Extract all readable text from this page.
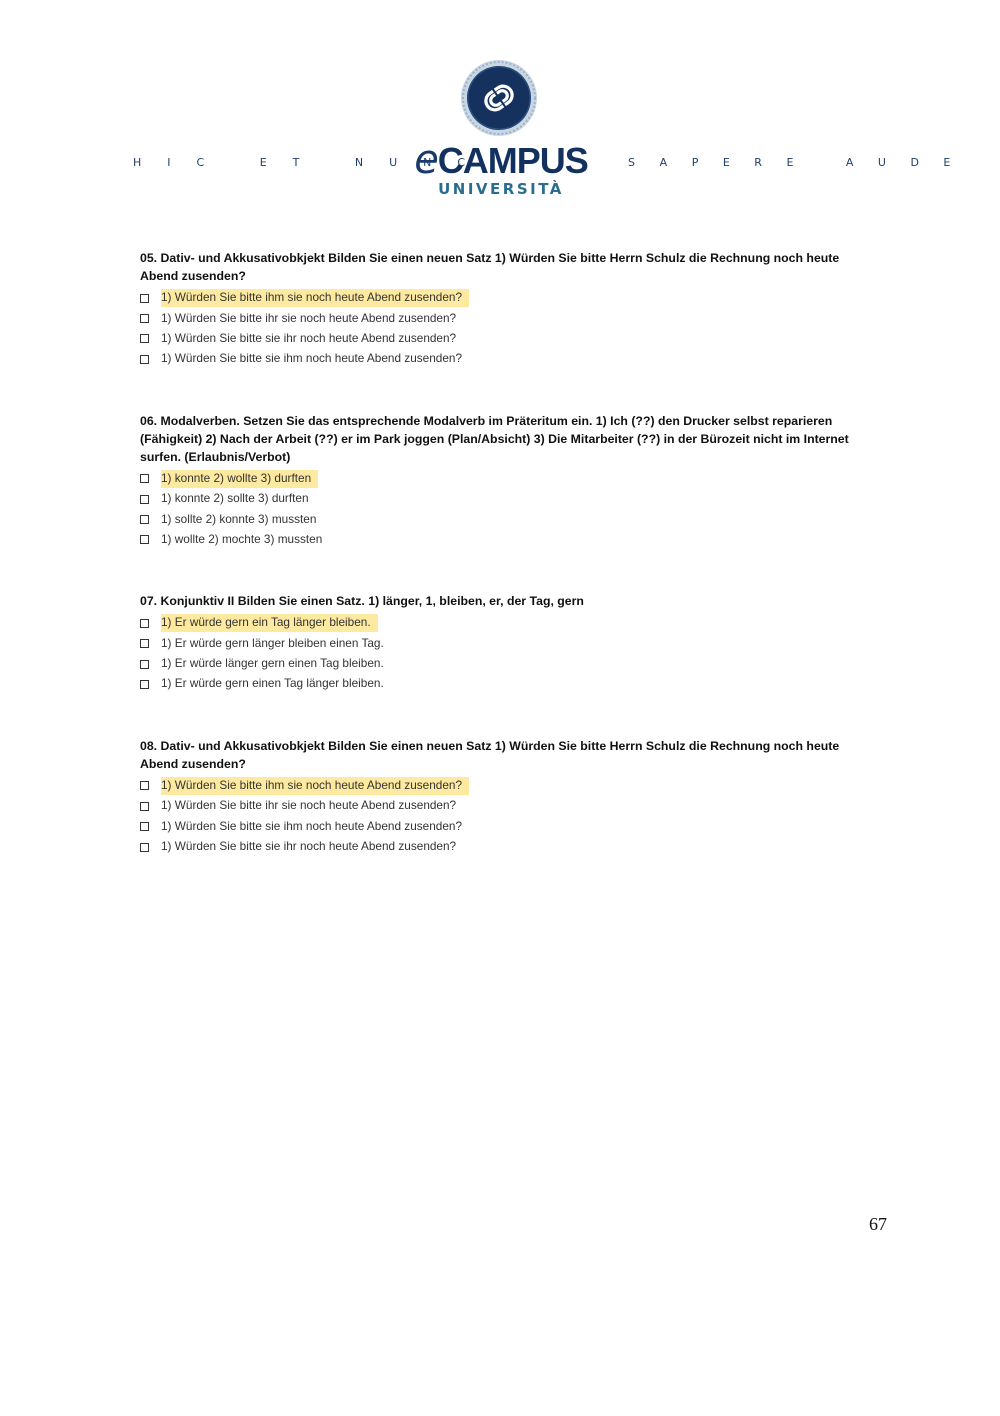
HIC ET NUNC
eCAMPUS
UNIVERSITÀ
SAPERE AUDE

05. Dativ- und Akkusativobkjekt Bilden Sie einen neuen Satz 1) Würden Sie bitte Herrn Schulz die Rechnung noch heute Abend zusenden?

1) Würden Sie bitte ihm sie noch heute Abend zusenden?
1) Würden Sie bitte ihr sie noch heute Abend zusenden?
1) Würden Sie bitte sie ihr noch heute Abend zusenden?
1) Würden Sie bitte sie ihm noch heute Abend zusenden?

06. Modalverben. Setzen Sie das entsprechende Modalverb im Präteritum ein. 1) Ich (??) den Drucker selbst reparieren (Fähigkeit) 2) Nach der Arbeit (??) er im Park joggen (Plan/Absicht) 3) Die Mitarbeiter (??) in der Bürozeit nicht im Internet surfen. (Erlaubnis/Verbot)

1) konnte 2) wollte 3) durften
1) konnte 2) sollte 3) durften
1) sollte 2) konnte 3) mussten
1) wollte 2) mochte 3) mussten

07. Konjunktiv II Bilden Sie einen Satz. 1) länger, 1, bleiben, er, der Tag, gern

1) Er würde gern ein Tag länger bleiben.
1) Er würde gern länger bleiben einen Tag.
1) Er würde länger gern einen Tag bleiben.
1) Er würde gern einen Tag länger bleiben.

08. Dativ- und Akkusativobkjekt Bilden Sie einen neuen Satz 1) Würden Sie bitte Herrn Schulz die Rechnung noch heute Abend zusenden?

1) Würden Sie bitte ihm sie noch heute Abend zusenden?
1) Würden Sie bitte ihr sie noch heute Abend zusenden?
1) Würden Sie bitte sie ihm noch heute Abend zusenden?
1) Würden Sie bitte sie ihr noch heute Abend zusenden?
67
